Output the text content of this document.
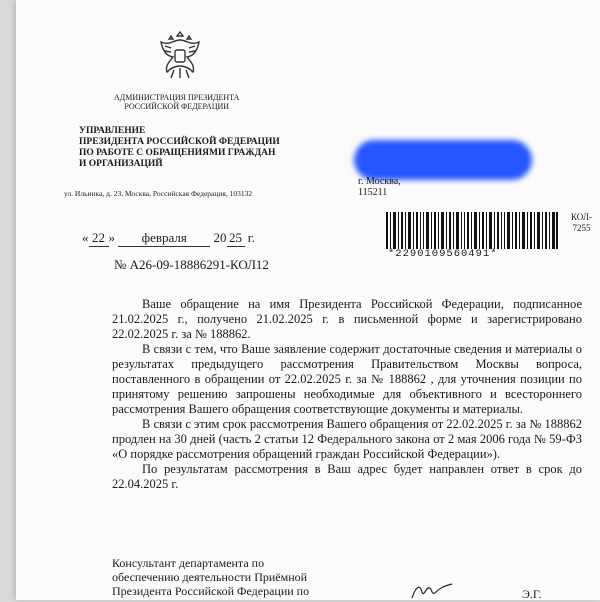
АДМИНИСТРАЦИЯ ПРЕЗИДЕНТА
РОССИЙСКОЙ ФЕДЕРАЦИИ
УПРАВЛЕНИЕ
ПРЕЗИДЕНТА РОССИЙСКОЙ ФЕДЕРАЦИИ
ПО РАБОТЕ С ОБРАЩЕНИЯМИ ГРАЖДАН
И ОРГАНИЗАЦИЙ
ул. Ильинка, д. 23, Москва, Российская Федерация, 103132
г. Москва,
115211
*2290109560491*
КОЛ-
7255
« 22 » февраля 20 25 г.
№ А26-09-18886291-КОЛ12

Ваше обращение на имя Президента Российской Федерации, подписанное 21.02.2025 г., получено 21.02.2025 г. в письменной форме и зарегистрировано 22.02.2025 г. за № 188862.

В связи с тем, что Ваше заявление содержит достаточные сведения и материалы о результатах предыдущего рассмотрения Правительством Москвы вопроса, поставленного в обращении от 22.02.2025 г. за № 188862 , для уточнения позиции по принятому решению запрошены необходимые для объективного и всестороннего рассмотрения Вашего обращения соответствующие документы и материалы.

В связи с этим срок рассмотрения Вашего обращения от 22.02.2025 г. за № 188862 продлен на 30 дней (часть 2 статьи 12 Федерального закона от 2 мая 2006 года № 59-ФЗ «О порядке рассмотрения обращений граждан Российской Федерации»).

По результатам рассмотрения в Ваш адрес будет направлен ответ в срок до 22.04.2025 г.

Консультант департамента по
обеспечению деятельности Приёмной
Президента Российской Федерации по	Э.Г.
